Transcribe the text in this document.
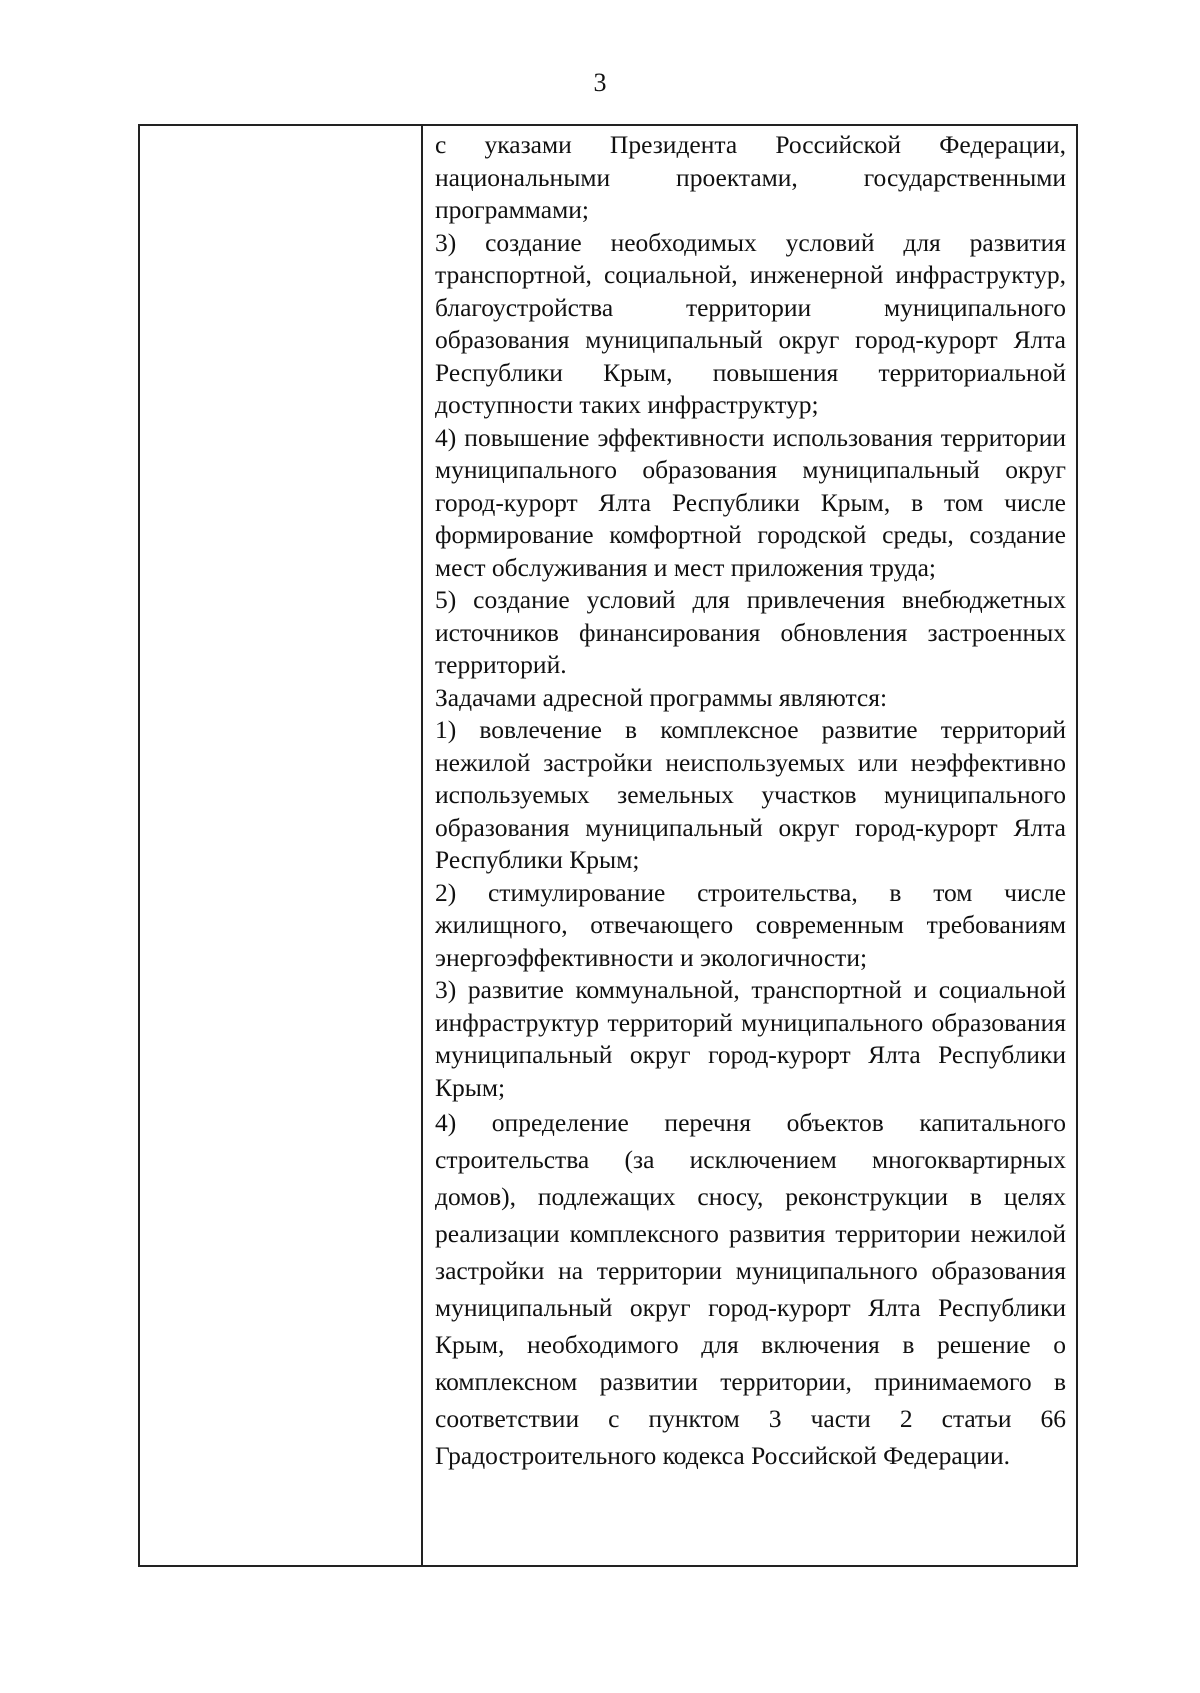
3

с указами Президента Российской Федерации, национальными проектами, государственными программами;

3) создание необходимых условий для развития транспортной, социальной, инженерной инфраструктур, благоустройства территории муниципального образования муниципальный округ город-курорт Ялта Республики Крым, повышения территориальной доступности таких инфраструктур;

4) повышение эффективности использования территории муниципального образования муниципальный округ город-курорт Ялта Республики Крым, в том числе формирование комфортной городской среды, создание мест обслуживания и мест приложения труда;

5) создание условий для привлечения внебюджетных источников финансирования обновления застроенных территорий.

Задачами адресной программы являются:

1) вовлечение в комплексное развитие территорий нежилой застройки неиспользуемых или неэффективно используемых земельных участков муниципального образования муниципальный округ город-курорт Ялта Республики Крым;

2) стимулирование строительства, в том числе жилищного, отвечающего современным требованиям энергоэффективности и экологичности;

3) развитие коммунальной, транспортной и социальной инфраструктур территорий муниципального образования муниципальный округ город-курорт Ялта Республики Крым;

4) определение перечня объектов капитального строительства (за исключением многоквартирных домов), подлежащих сносу, реконструкции в целях реализации комплексного развития территории нежилой застройки на территории муниципального образования муниципальный округ город-курорт Ялта Республики Крым, необходимого для включения в решение о комплексном развитии территории, принимаемого в соответствии с пунктом 3 части 2 статьи 66 Градостроительного кодекса Российской Федерации.
